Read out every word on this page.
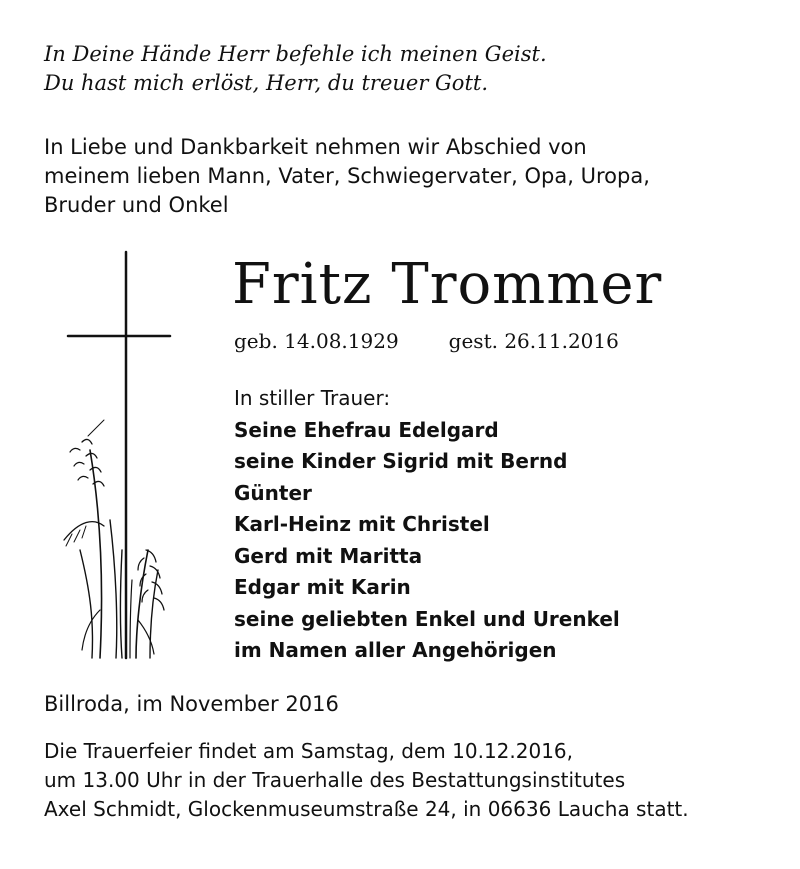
In Deine Hände Herr befehle ich meinen Geist.
Du hast mich erlöst, Herr, du treuer Gott.
In Liebe und Dankbarkeit nehmen wir Abschied von
meinem lieben Mann, Vater, Schwiegervater, Opa, Uropa,
Bruder und Onkel
Fritz Trommer
geb. 14.08.1929	gest. 26.11.2016
In stiller Trauer:
Seine Ehefrau Edelgard
seine Kinder Sigrid mit Bernd
Günter
Karl-Heinz mit Christel
Gerd mit Maritta
Edgar mit Karin
seine geliebten Enkel und Urenkel
im Namen aller Angehörigen
Billroda, im November 2016
Die Trauerfeier findet am Samstag, dem 10.12.2016,
um 13.00 Uhr in der Trauerhalle des Bestattungsinstitutes
Axel Schmidt, Glockenmuseumstraße 24, in 06636 Laucha statt.
